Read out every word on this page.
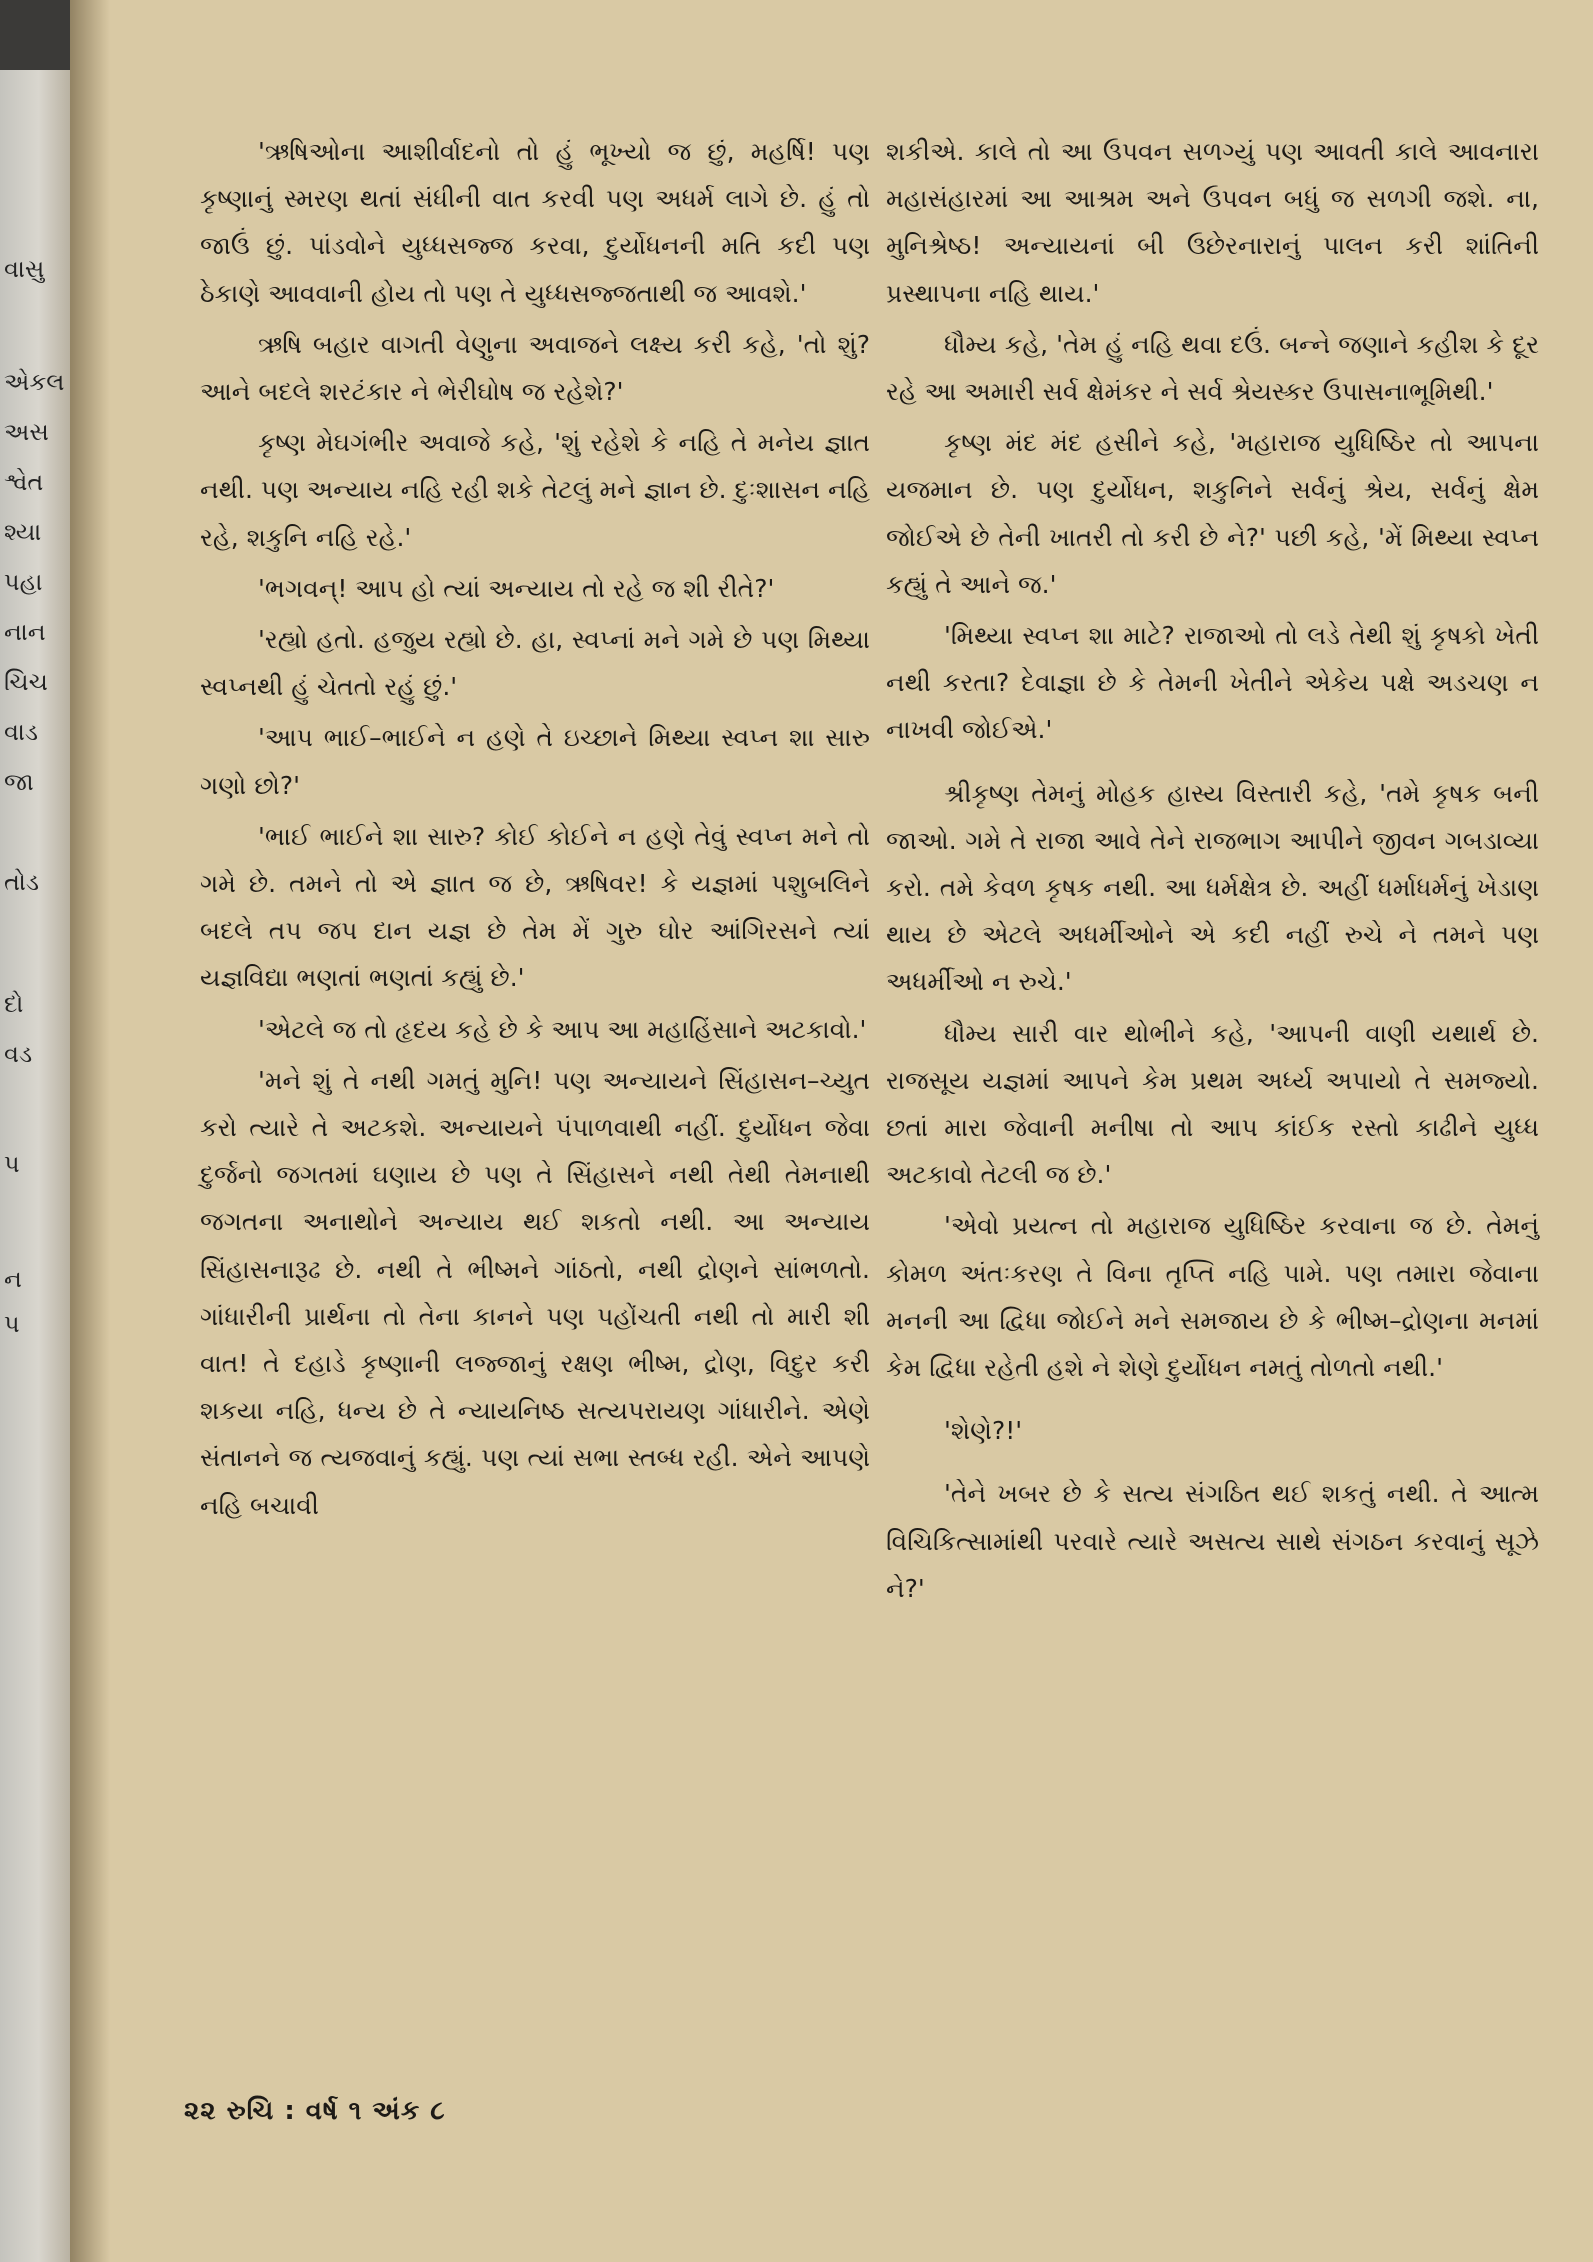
વાસુ
એકલ
અસ
શ્વેત
શ્યા
પહા
નાન
ચિચ
વાડ
જા
તોડ
દો
વડ
પ
ન
પ

'ઋષિઓના આશીર્વાદનો તો હું ભૂખ્યો જ છું, મહર્ષિ! પણ કૃષ્ણાનું સ્મરણ થતાં સંધીની વાત કરવી પણ અધર્મ લાગે છે. હું તો જાઉં છું. પાંડવોને યુધ્ધસજ્જ કરવા, દુર્યોધનની મતિ કદી પણ ઠેકાણે આવવાની હોય તો પણ તે યુધ્ધસજ્જતાથી જ આવશે.'

ઋષિ બહાર વાગતી વેણુના અવાજને લક્ષ્ય કરી કહે, 'તો શું? આને બદલે શરટંકાર ને ભેરીઘોષ જ રહેશે?'

કૃષ્ણ મેઘગંભીર અવાજે કહે, 'શું રહેશે કે નહિ તે મનેય જ્ઞાત નથી. પણ અન્યાય નહિ રહી શકે તેટલું મને જ્ઞાન છે. દુઃશાસન નહિ રહે, શકુનિ નહિ રહે.'

'ભગવન્! આપ હો ત્યાં અન્યાય તો રહે જ શી રીતે?'

'રહ્યો હતો. હજુય રહ્યો છે. હા, સ્વપ્નાં મને ગમે છે પણ મિથ્યા સ્વપ્નથી હું ચેતતો રહું છું.'

'આપ ભાઈ–ભાઈને ન હણે તે ઇચ્છાને મિથ્યા સ્વપ્ન શા સારુ ગણો છો?'

'ભાઈ ભાઈને શા સારુ? કોઈ કોઈને ન હણે તેવું સ્વપ્ન મને તો ગમે છે. તમને તો એ જ્ઞાત જ છે, ઋષિવર! કે યજ્ઞમાં પશુબલિને બદલે તપ જપ દાન યજ્ઞ છે તેમ મેં ગુરુ ઘોર આંગિરસને ત્યાં યજ્ઞવિદ્યા ભણતાં ભણતાં કહ્યું છે.'

'એટલે જ તો હૃદય કહે છે કે આપ આ મહાહિંસાને અટકાવો.'

'મને શું તે નથી ગમતું મુનિ! પણ અન્યાયને સિંહાસન–ચ્યુત કરો ત્યારે તે અટકશે. અન્યાયને પંપાળવાથી નહીં. દુર્યોધન જેવા દુર્જનો જગતમાં ઘણાય છે પણ તે સિંહાસને નથી તેથી તેમનાથી જગતના અનાથોને અન્યાય થઈ શકતો નથી. આ અન્યાય સિંહાસનારૂઢ છે. નથી તે ભીષ્મને ગાંઠતો, નથી દ્રોણને સાંભળતો. ગાંધારીની પ્રાર્થના તો તેના કાનને પણ પહોંચતી નથી તો મારી શી વાત! તે દહાડે કૃષ્ણાની લજ્જાનું રક્ષણ ભીષ્મ, દ્રોણ, વિદુર કરી શકયા નહિ, ધન્ય છે તે ન્યાયનિષ્ઠ સત્યપરાયણ ગાંધારીને. એણે સંતાનને જ ત્યજવાનું કહ્યું. પણ ત્યાં સભા સ્તબ્ધ રહી. એને આપણે નહિ બચાવી

શકીએ. કાલે તો આ ઉપવન સળગ્યું પણ આવતી કાલે આવનારા મહાસંહારમાં આ આશ્રમ અને ઉપવન બધું જ સળગી જશે. ના, મુનિશ્રેષ્ઠ! અન્યાયનાં બી ઉછેરનારાનું પાલન કરી શાંતિની પ્રસ્થાપના નહિ થાય.'

ધૌમ્ય કહે, 'તેમ હું નહિ થવા દઉં. બન્ને જણાને કહીશ કે દૂર રહે આ અમારી સર્વ ક્ષેમંકર ને સર્વ શ્રેયસ્કર ઉપાસનાભૂમિથી.'

કૃષ્ણ મંદ મંદ હસીને કહે, 'મહારાજ યુધિષ્ઠિર તો આપના યજમાન છે. પણ દુર્યોધન, શકુનિને સર્વનું શ્રેય, સર્વનું ક્ષેમ જોઈએ છે તેની ખાતરી તો કરી છે ને?' પછી કહે, 'મેં મિથ્યા સ્વપ્ન કહ્યું તે આને જ.'

'મિથ્યા સ્વપ્ન શા માટે? રાજાઓ તો લડે તેથી શું કૃષકો ખેતી નથી કરતા? દેવાજ્ઞા છે કે તેમની ખેતીને એકેય પક્ષે અડચણ ન નાખવી જોઈએ.'

શ્રીકૃષ્ણ તેમનું મોહક હાસ્ય વિસ્તારી કહે, 'તમે કૃષક બની જાઓ. ગમે તે રાજા આવે તેને રાજભાગ આપીને જીવન ગબડાવ્યા કરો. તમે કેવળ કૃષક નથી. આ ધર્મક્ષેત્ર છે. અહીં ધર્માધર્મનું ખેડાણ થાય છે એટલે અધર્મીઓને એ કદી નહીં રુચે ને તમને પણ અધર્મીઓ ન રુચે.'

ધૌમ્ય સારી વાર થોભીને કહે, 'આપની વાણી યથાર્થ છે. રાજસૂય યજ્ઞમાં આપને કેમ પ્રથમ અર્ધ્ય અપાયો તે સમજ્યો. છતાં મારા જેવાની મનીષા તો આપ કાંઈક રસ્તો કાઢીને યુધ્ધ અટકાવો તેટલી જ છે.'

'એવો પ્રયત્ન તો મહારાજ યુધિષ્ઠિર કરવાના જ છે. તેમનું કોમળ અંતઃકરણ તે વિના તૃપ્તિ નહિ પામે. પણ તમારા જેવાના મનની આ દ્વિધા જોઈને મને સમજાય છે કે ભીષ્મ–દ્રોણના મનમાં કેમ દ્વિધા રહેતી હશે ને શેણે દુર્યોધન નમતું તોળતો નથી.'

'શેણે?!'

'તેને ખબર છે કે સત્ય સંગઠિત થઈ શકતું નથી. તે આત્મ વિચિકિત્સામાંથી પરવારે ત્યારે અસત્ય સાથે સંગઠન કરવાનું સૂઝે ને?'

૨૨ રુચિ : વર્ષ ૧ અંક ૮
